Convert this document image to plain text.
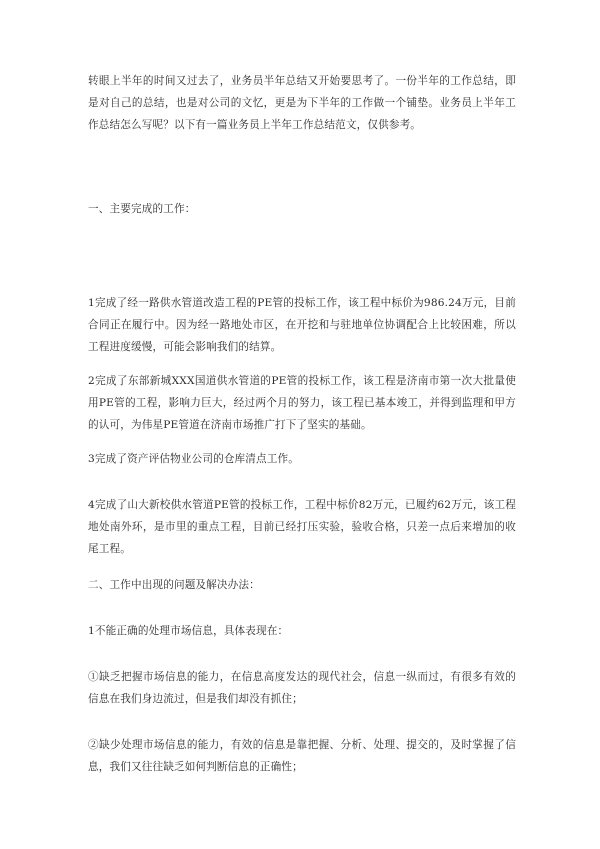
转眼上半年的时间又过去了，业务员半年总结又开始要思考了。一份半年的工作总结，即是对自己的总结，也是对公司的文忆，更是为下半年的工作做一个铺垫。业务员上半年工作总结怎么写呢？以下有一篇业务员上半年工作总结范文，仅供参考。

一、主要完成的工作：

1完成了经一路供水管道改造工程的PE管的投标工作，该工程中标价为986.24万元，目前合同正在履行中。因为经一路地处市区，在开挖和与驻地单位协调配合上比较困难，所以工程进度缓慢，可能会影响我们的结算。

2完成了东部新城XXX国道供水管道的PE管的投标工作，该工程是济南市第一次大批量使用PE管的工程，影响力巨大，经过两个月的努力，该工程已基本竣工，并得到监理和甲方的认可，为伟星PE管道在济南市场推广打下了坚实的基础。

3完成了资产评估物业公司的仓库清点工作。

4完成了山大新校供水管道PE管的投标工作，工程中标价82万元，已履约62万元，该工程地处南外环，是市里的重点工程，目前已经打压实验，验收合格，只差一点后来增加的收尾工程。

二、工作中出现的问题及解决办法：

1不能正确的处理市场信息，具体表现在：

①缺乏把握市场信息的能力，在信息高度发达的现代社会，信息一纵而过，有很多有效的信息在我们身边流过，但是我们却没有抓住；

②缺少处理市场信息的能力，有效的信息是靠把握、分析、处理、提交的，及时掌握了信息，我们又往往缺乏如何判断信息的正确性；
